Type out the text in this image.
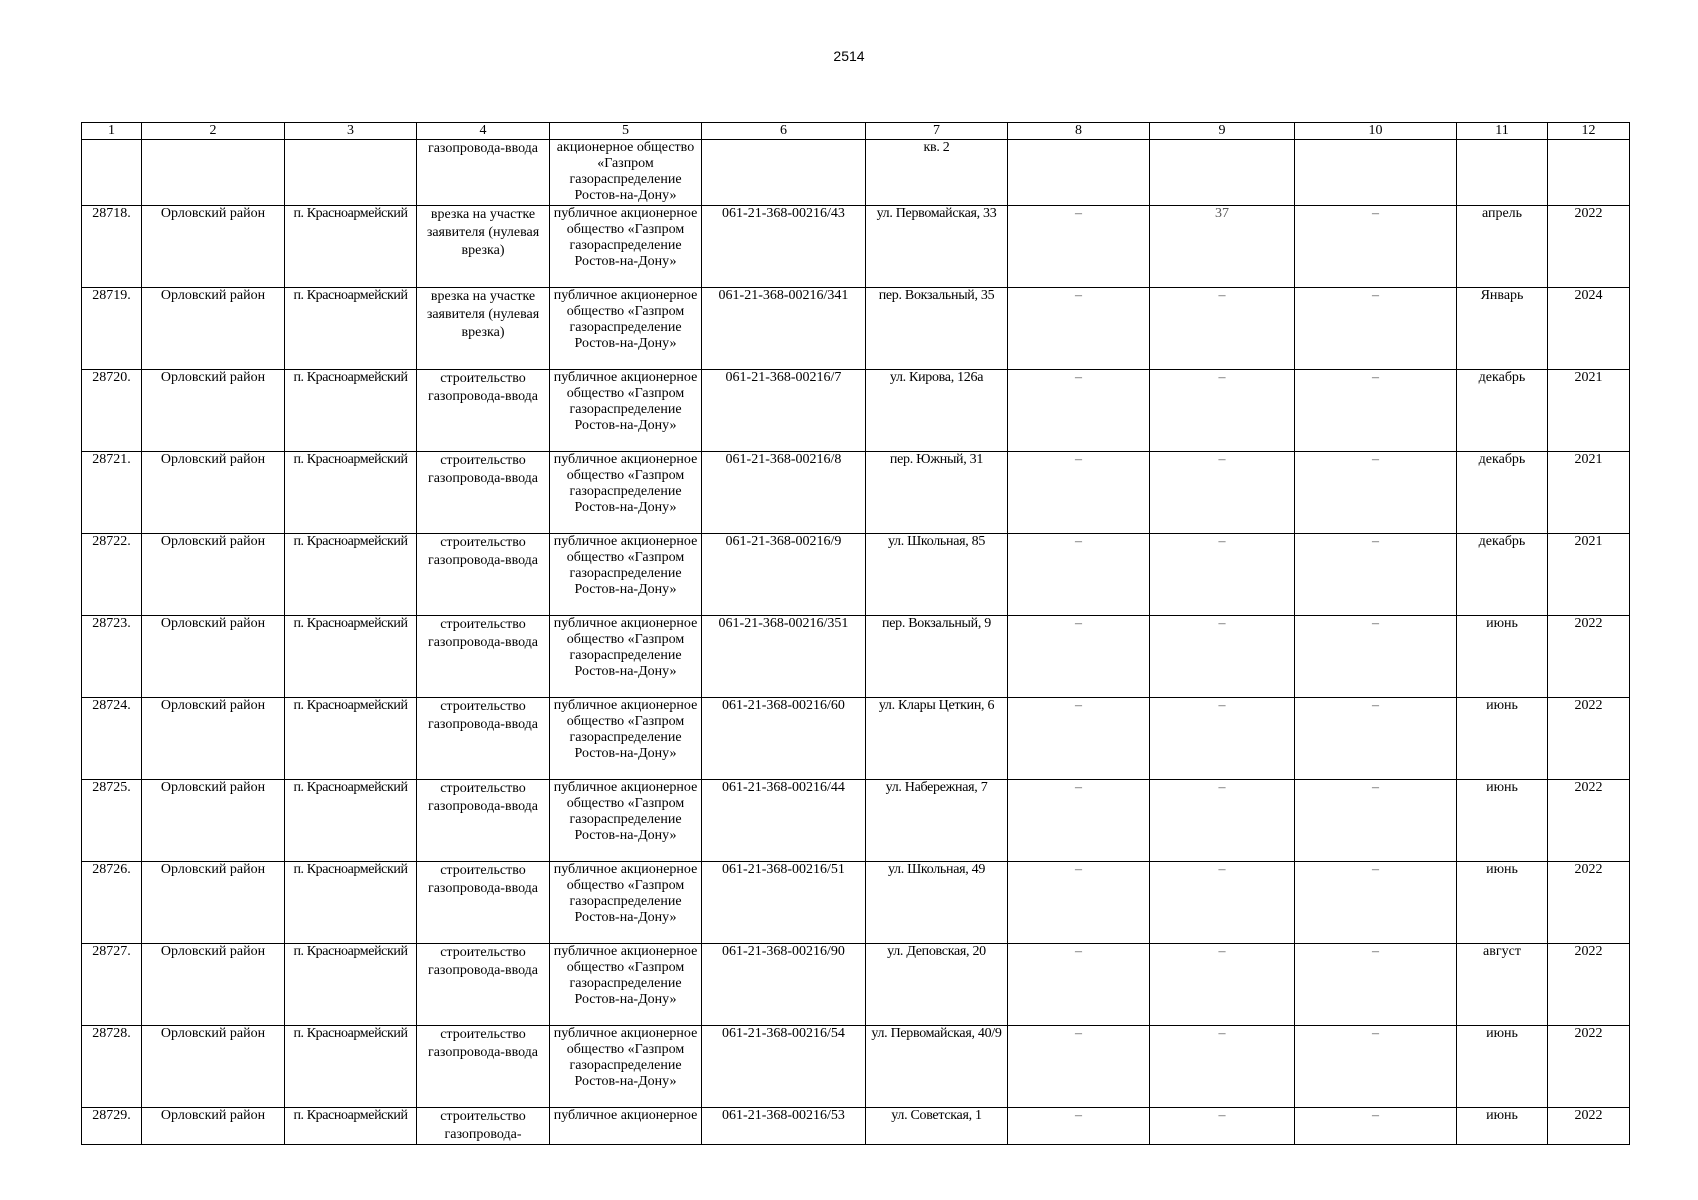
2514
1	2	3	4	5	6	7	8	9	10	11	12
			газопровода-ввода	акционерное общество «Газпром газораспределение Ростов-на-Дону»		кв. 2					
28718.	Орловский район	п. Красноармейский	врезка на участке заявителя (нулевая врезка)	публичное акционерное общество «Газпром газораспределение Ростов-на-Дону»	061-21-368-00216/43	ул. Первомайская, 33	–	37	–	апрель	2022
28719.	Орловский район	п. Красноармейский	врезка на участке заявителя (нулевая врезка)	публичное акционерное общество «Газпром газораспределение Ростов-на-Дону»	061-21-368-00216/341	пер. Вокзальный, 35	–	–	–	Январь	2024
28720.	Орловский район	п. Красноармейский	строительство газопровода-ввода	публичное акционерное общество «Газпром газораспределение Ростов-на-Дону»	061-21-368-00216/7	ул. Кирова, 126а	–	–	–	декабрь	2021
28721.	Орловский район	п. Красноармейский	строительство газопровода-ввода	публичное акционерное общество «Газпром газораспределение Ростов-на-Дону»	061-21-368-00216/8	пер. Южный, 31	–	–	–	декабрь	2021
28722.	Орловский район	п. Красноармейский	строительство газопровода-ввода	публичное акционерное общество «Газпром газораспределение Ростов-на-Дону»	061-21-368-00216/9	ул. Школьная, 85	–	–	–	декабрь	2021
28723.	Орловский район	п. Красноармейский	строительство газопровода-ввода	публичное акционерное общество «Газпром газораспределение Ростов-на-Дону»	061-21-368-00216/351	пер. Вокзальный, 9	–	–	–	июнь	2022
28724.	Орловский район	п. Красноармейский	строительство газопровода-ввода	публичное акционерное общество «Газпром газораспределение Ростов-на-Дону»	061-21-368-00216/60	ул. Клары Цеткин, 6	–	–	–	июнь	2022
28725.	Орловский район	п. Красноармейский	строительство газопровода-ввода	публичное акционерное общество «Газпром газораспределение Ростов-на-Дону»	061-21-368-00216/44	ул. Набережная, 7	–	–	–	июнь	2022
28726.	Орловский район	п. Красноармейский	строительство газопровода-ввода	публичное акционерное общество «Газпром газораспределение Ростов-на-Дону»	061-21-368-00216/51	ул. Школьная, 49	–	–	–	июнь	2022
28727.	Орловский район	п. Красноармейский	строительство газопровода-ввода	публичное акционерное общество «Газпром газораспределение Ростов-на-Дону»	061-21-368-00216/90	ул. Деповская, 20	–	–	–	август	2022
28728.	Орловский район	п. Красноармейский	строительство газопровода-ввода	публичное акционерное общество «Газпром газораспределение Ростов-на-Дону»	061-21-368-00216/54	ул. Первомайская, 40/9	–	–	–	июнь	2022
28729.	Орловский район	п. Красноармейский	строительство газопровода-	публичное акционерное	061-21-368-00216/53	ул. Советская, 1	–	–	–	июнь	2022
